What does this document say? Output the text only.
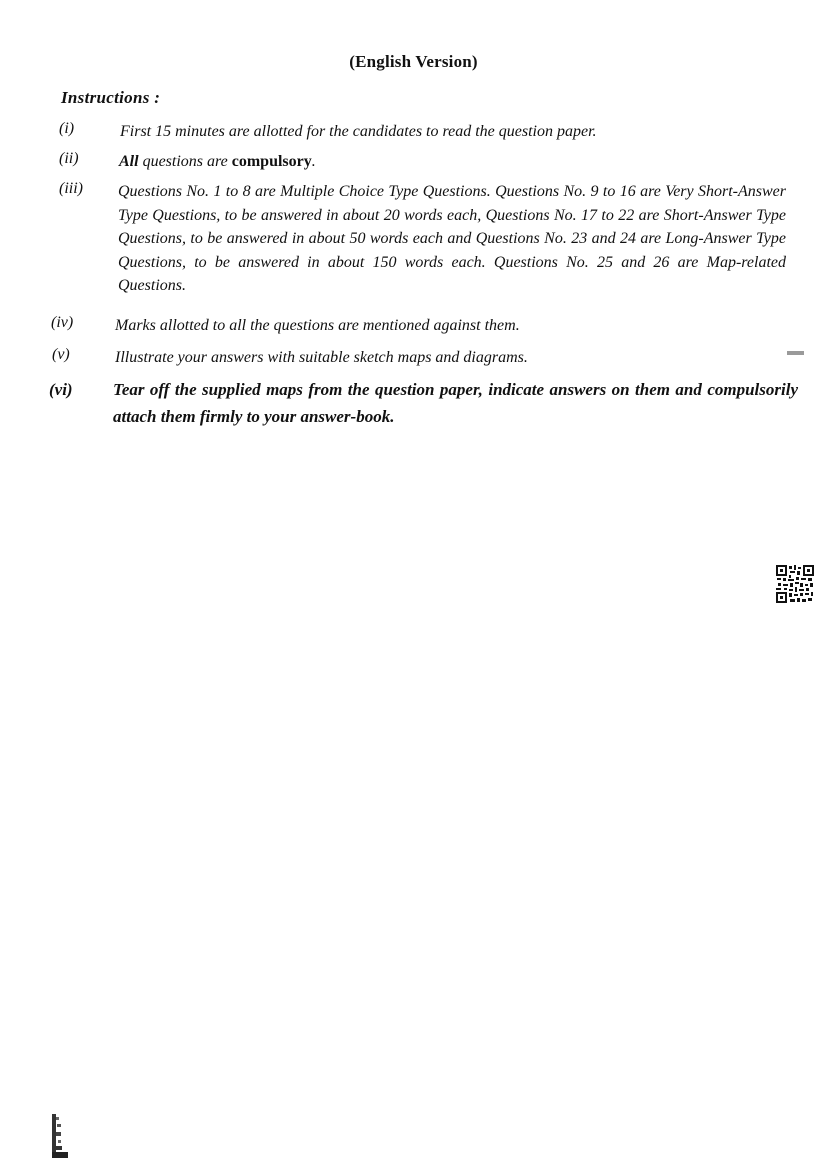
(English Version)
Instructions :
(i)	First 15 minutes are allotted for the candidates to read the question paper.
(ii)	All questions are compulsory.
(iii) Questions No. 1 to 8 are Multiple Choice Type Questions. Questions No. 9 to 16 are Very Short-Answer Type Questions, to be answered in about 20 words each, Questions No. 17 to 22 are Short-Answer Type Questions, to be answered in about 50 words each and Questions No. 23 and 24 are Long-Answer Type Questions, to be answered in about 150 words each. Questions No. 25 and 26 are Map-related Questions.
(iv)	Marks allotted to all the questions are mentioned against them.
(v)	Illustrate your answers with suitable sketch maps and diagrams.
(vi) Tear off the supplied maps from the question paper, indicate answers on them and compulsorily attach them firmly to your answer-book.
